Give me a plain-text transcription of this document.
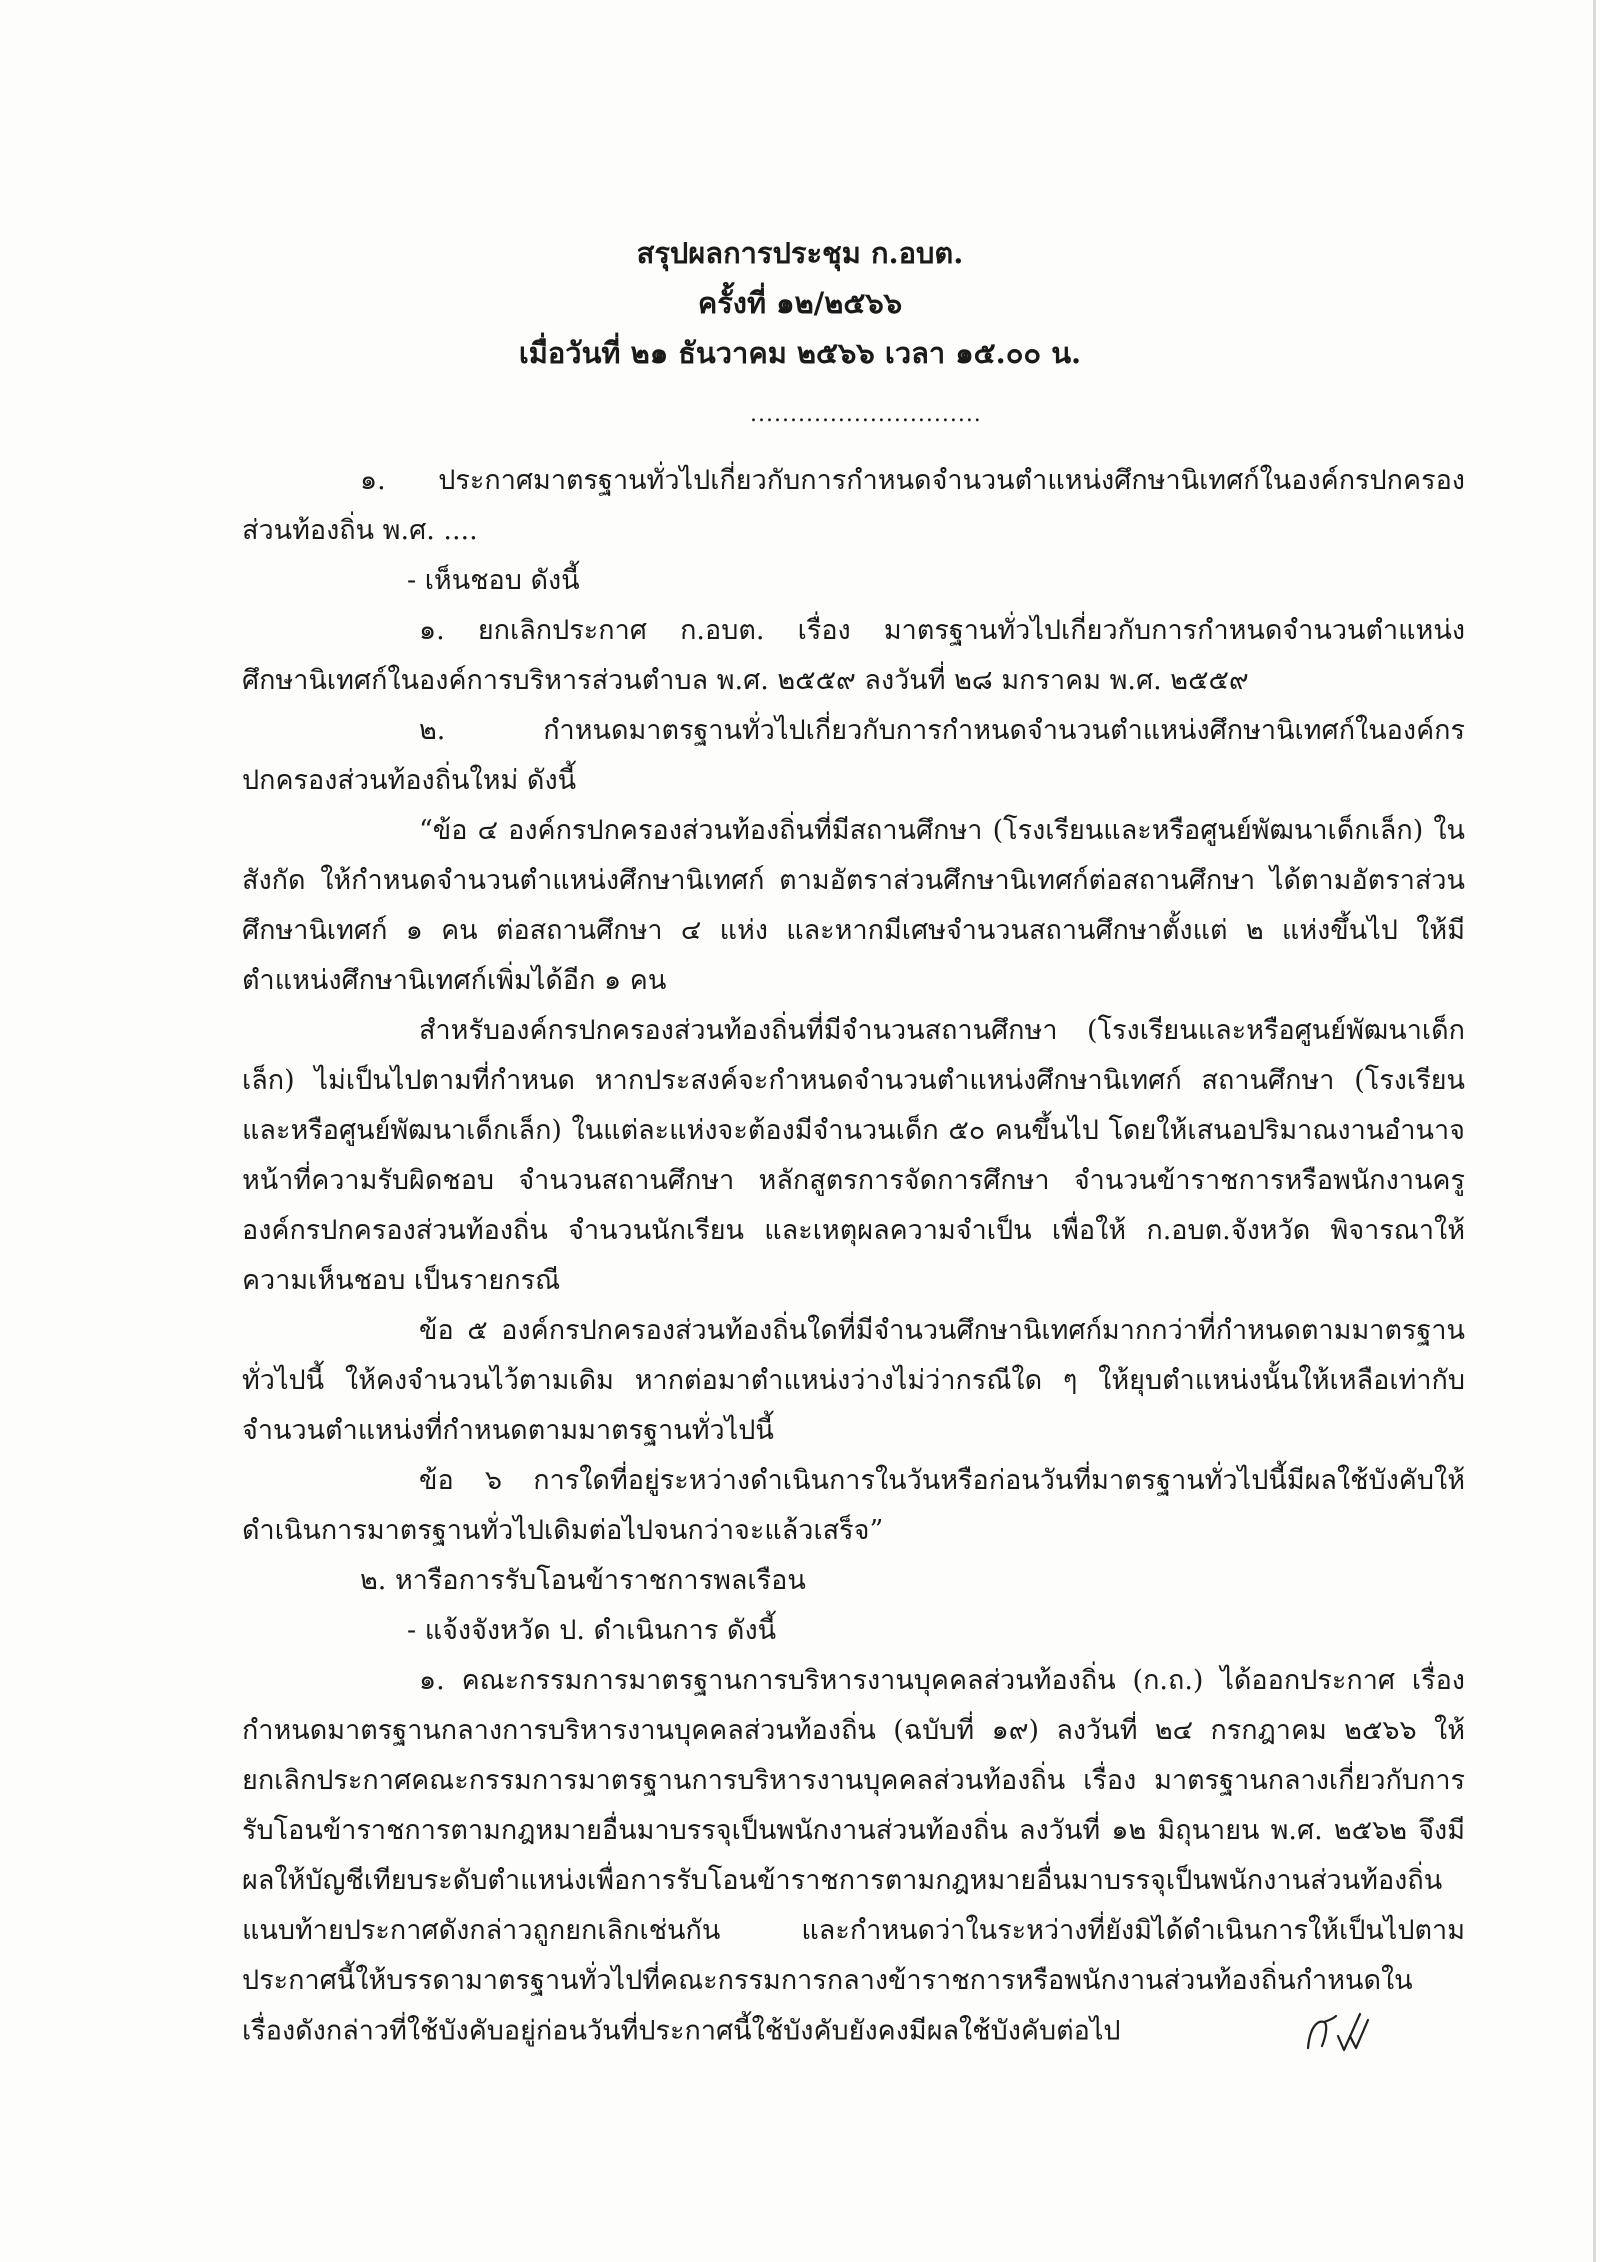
สรุปผลการประชุม ก.อบต.
ครั้งที่ ๑๒/๒๕๖๖
เมื่อวันที่ ๒๑ ธันวาคม ๒๕๖๖ เวลา ๑๕.๐๐ น.
.............................

๑. ประกาศมาตรฐานทั่วไปเกี่ยวกับการกำหนดจำนวนตำแหน่งศึกษานิเทศก์ในองค์กรปกครองส่วนท้องถิ่น พ.ศ. ....

- เห็นชอบ ดังนี้

๑. ยกเลิกประกาศ ก.อบต. เรื่อง มาตรฐานทั่วไปเกี่ยวกับการกำหนดจำนวนตำแหน่งศึกษานิเทศก์ในองค์การบริหารส่วนตำบล พ.ศ. ๒๕๕๙ ลงวันที่ ๒๘ มกราคม พ.ศ. ๒๕๕๙

๒. กำหนดมาตรฐานทั่วไปเกี่ยวกับการกำหนดจำนวนตำแหน่งศึกษานิเทศก์ในองค์กรปกครองส่วนท้องถิ่นใหม่ ดังนี้

“ข้อ ๔ องค์กรปกครองส่วนท้องถิ่นที่มีสถานศึกษา (โรงเรียนและหรือศูนย์พัฒนาเด็กเล็ก) ในสังกัด ให้กำหนดจำนวนตำแหน่งศึกษานิเทศก์ ตามอัตราส่วนศึกษานิเทศก์ต่อสถานศึกษา ได้ตามอัตราส่วนศึกษานิเทศก์ ๑ คน ต่อสถานศึกษา ๔ แห่ง และหากมีเศษจำนวนสถานศึกษาตั้งแต่ ๒ แห่งขึ้นไป ให้มีตำแหน่งศึกษานิเทศก์เพิ่มได้อีก ๑ คน

สำหรับองค์กรปกครองส่วนท้องถิ่นที่มีจำนวนสถานศึกษา (โรงเรียนและหรือศูนย์พัฒนาเด็กเล็ก) ไม่เป็นไปตามที่กำหนด หากประสงค์จะกำหนดจำนวนตำแหน่งศึกษานิเทศก์ สถานศึกษา (โรงเรียนและหรือศูนย์พัฒนาเด็กเล็ก) ในแต่ละแห่งจะต้องมีจำนวนเด็ก ๕๐ คนขึ้นไป โดยให้เสนอปริมาณงานอำนาจหน้าที่ความรับผิดชอบ จำนวนสถานศึกษา หลักสูตรการจัดการศึกษา จำนวนข้าราชการหรือพนักงานครูองค์กรปกครองส่วนท้องถิ่น จำนวนนักเรียน และเหตุผลความจำเป็น เพื่อให้ ก.อบต.จังหวัด พิจารณาให้ความเห็นชอบ เป็นรายกรณี

ข้อ ๕ องค์กรปกครองส่วนท้องถิ่นใดที่มีจำนวนศึกษานิเทศก์มากกว่าที่กำหนดตามมาตรฐานทั่วไปนี้ ให้คงจำนวนไว้ตามเดิม หากต่อมาตำแหน่งว่างไม่ว่ากรณีใด ๆ ให้ยุบตำแหน่งนั้นให้เหลือเท่ากับจำนวนตำแหน่งที่กำหนดตามมาตรฐานทั่วไปนี้

ข้อ ๖ การใดที่อยู่ระหว่างดำเนินการในวันหรือก่อนวันที่มาตรฐานทั่วไปนี้มีผลใช้บังคับให้ดำเนินการมาตรฐานทั่วไปเดิมต่อไปจนกว่าจะแล้วเสร็จ”

๒. หารือการรับโอนข้าราชการพลเรือน

- แจ้งจังหวัด ป. ดำเนินการ ดังนี้

๑. คณะกรรมการมาตรฐานการบริหารงานบุคคลส่วนท้องถิ่น (ก.ถ.) ได้ออกประกาศ เรื่อง กำหนดมาตรฐานกลางการบริหารงานบุคคลส่วนท้องถิ่น (ฉบับที่ ๑๙) ลงวันที่ ๒๔ กรกฎาคม ๒๕๖๖ ให้ยกเลิกประกาศคณะกรรมการมาตรฐานการบริหารงานบุคคลส่วนท้องถิ่น เรื่อง มาตรฐานกลางเกี่ยวกับการรับโอนข้าราชการตามกฎหมายอื่นมาบรรจุเป็นพนักงานส่วนท้องถิ่น ลงวันที่ ๑๒ มิถุนายน พ.ศ. ๒๕๖๒ จึงมีผลให้บัญชีเทียบระดับตำแหน่งเพื่อการรับโอนข้าราชการตามกฎหมายอื่นมาบรรจุเป็นพนักงานส่วนท้องถิ่นแนบท้ายประกาศดังกล่าวถูกยกเลิกเช่นกัน และกำหนดว่าในระหว่างที่ยังมิได้ดำเนินการให้เป็นไปตามประกาศนี้ให้บรรดามาตรฐานทั่วไปที่คณะกรรมการกลางข้าราชการหรือพนักงานส่วนท้องถิ่นกำหนดในเรื่องดังกล่าวที่ใช้บังคับอยู่ก่อนวันที่ประกาศนี้ใช้บังคับยังคงมีผลใช้บังคับต่อไป
